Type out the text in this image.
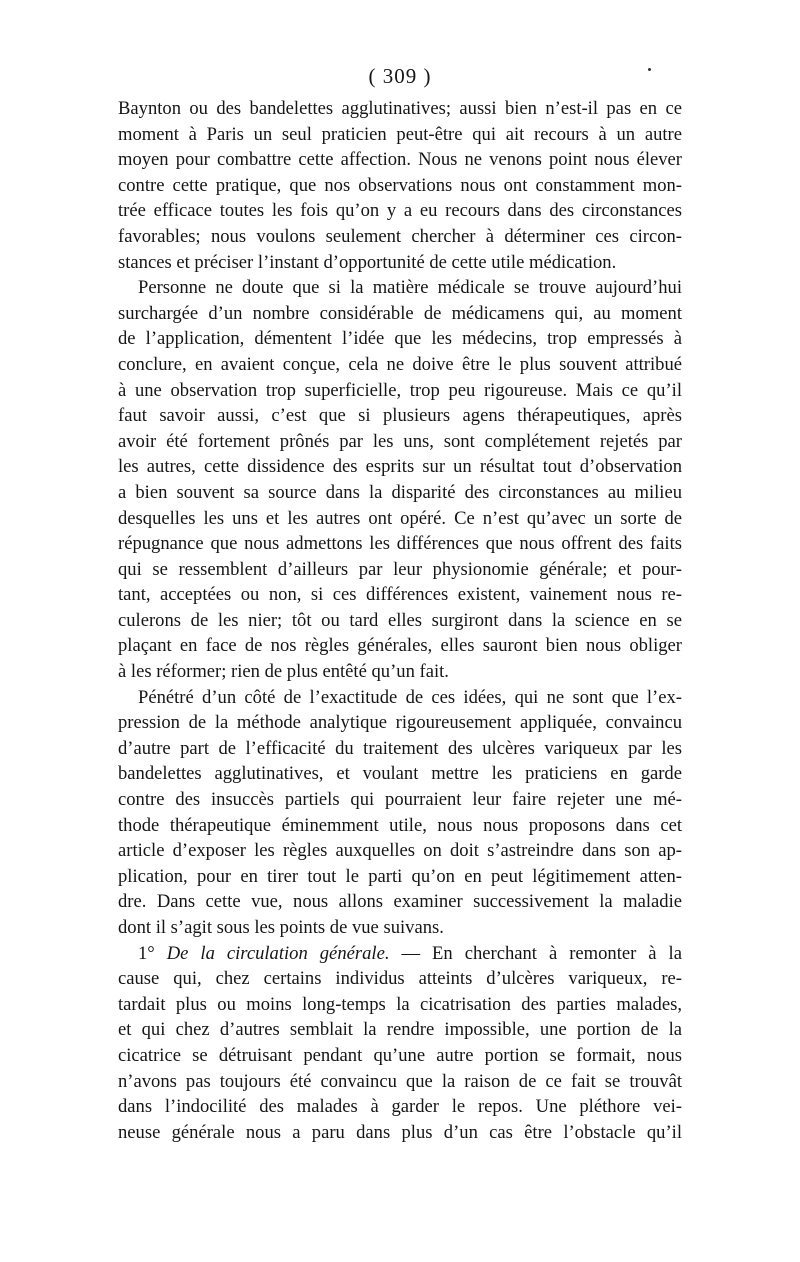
( 309 )
Baynton ou des bandelettes agglutinatives; aussi bien n’est-il pas en ce
moment à Paris un seul praticien peut-être qui ait recours à un autre
moyen pour combattre cette affection. Nous ne venons point nous élever
contre cette pratique, que nos observations nous ont constamment mon-
trée efficace toutes les fois qu’on y a eu recours dans des circonstances
favorables; nous voulons seulement chercher à déterminer ces circon-
stances et préciser l’instant d’opportunité de cette utile médication.
Personne ne doute que si la matière médicale se trouve aujourd’hui
surchargée d’un nombre considérable de médicamens qui, au moment
de l’application, démentent l’idée que les médecins, trop empressés à
conclure, en avaient conçue, cela ne doive être le plus souvent attribué
à une observation trop superficielle, trop peu rigoureuse. Mais ce qu’il
faut savoir aussi, c’est que si plusieurs agens thérapeutiques, après
avoir été fortement prônés par les uns, sont complétement rejetés par
les autres, cette dissidence des esprits sur un résultat tout d’observation
a bien souvent sa source dans la disparité des circonstances au milieu
desquelles les uns et les autres ont opéré. Ce n’est qu’avec un sorte de
répugnance que nous admettons les différences que nous offrent des faits
qui se ressemblent d’ailleurs par leur physionomie générale; et pour-
tant, acceptées ou non, si ces différences existent, vainement nous re-
culerons de les nier; tôt ou tard elles surgiront dans la science en se
plaçant en face de nos règles générales, elles sauront bien nous obliger
à les réformer; rien de plus entêté qu’un fait.
Pénétré d’un côté de l’exactitude de ces idées, qui ne sont que l’ex-
pression de la méthode analytique rigoureusement appliquée, convaincu
d’autre part de l’efficacité du traitement des ulcères variqueux par les
bandelettes agglutinatives, et voulant mettre les praticiens en garde
contre des insuccès partiels qui pourraient leur faire rejeter une mé-
thode thérapeutique éminemment utile, nous nous proposons dans cet
article d’exposer les règles auxquelles on doit s’astreindre dans son ap-
plication, pour en tirer tout le parti qu’on en peut légitimement atten-
dre. Dans cette vue, nous allons examiner successivement la maladie
dont il s’agit sous les points de vue suivans.
1° De la circulation générale. — En cherchant à remonter à la
cause qui, chez certains individus atteints d’ulcères variqueux, re-
tardait plus ou moins long-temps la cicatrisation des parties malades,
et qui chez d’autres semblait la rendre impossible, une portion de la
cicatrice se détruisant pendant qu’une autre portion se formait, nous
n’avons pas toujours été convaincu que la raison de ce fait se trouvât
dans l’indocilité des malades à garder le repos. Une pléthore vei-
neuse générale nous a paru dans plus d’un cas être l’obstacle qu’il
